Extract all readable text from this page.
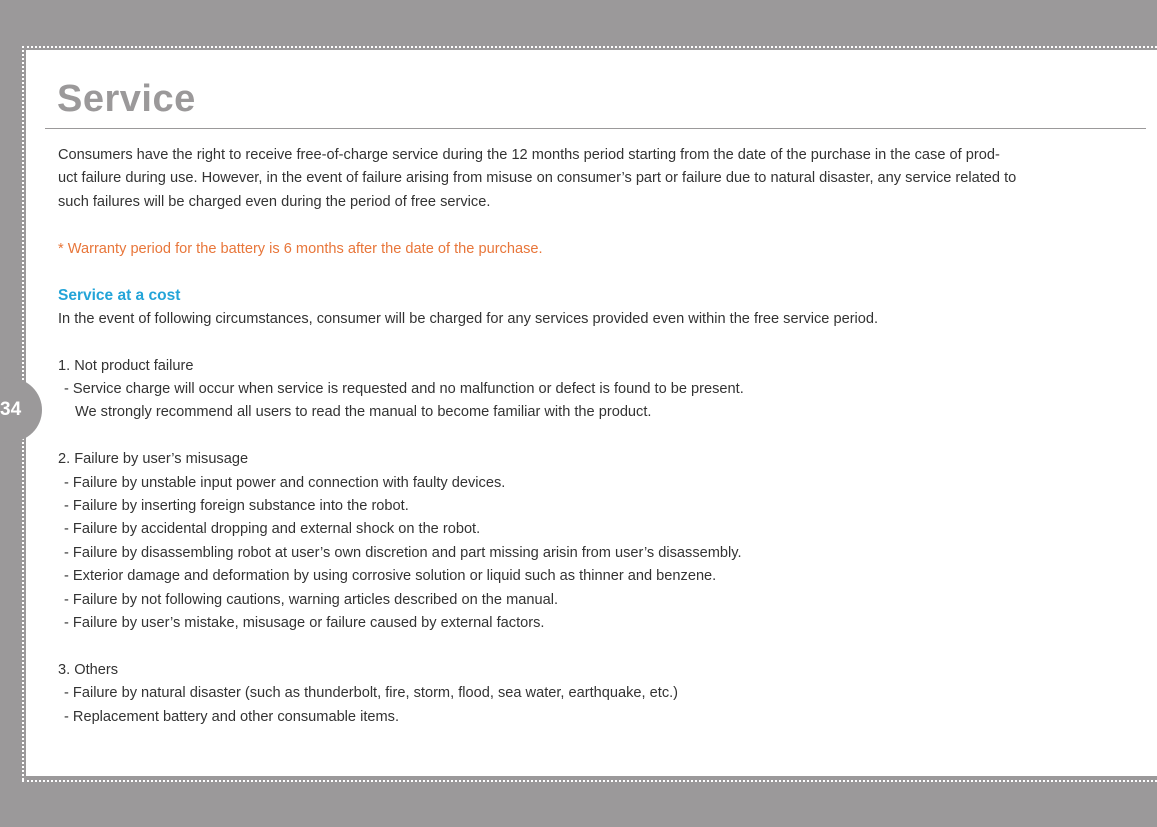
34
Service

Consumers have the right to receive free-of-charge service during the 12 months period starting from the date of the purchase in the case of prod-

uct failure during use. However, in the event of failure arising from misuse on consumer’s part or failure due to natural disaster, any service related to

such failures will be charged even during the period of free service.

* Warranty period for the battery is 6 months after the date of the purchase.

Service at a cost

In the event of following circumstances, consumer will be charged for any services provided even within the free service period.

1. Not product failure

- Service charge will occur when service is requested and no malfunction or defect is found to be present.

We strongly recommend all users to read the manual to become familiar with the product.

2. Failure by user’s misusage

- Failure by unstable input power and connection with faulty devices.

- Failure by inserting foreign substance into the robot.

- Failure by accidental dropping and external shock on the robot.

- Failure by disassembling robot at user’s own discretion and part missing arisin from user’s disassembly.

- Exterior damage and deformation by using corrosive solution or liquid such as thinner and benzene.

- Failure by not following cautions, warning articles described on the manual.

- Failure by user’s mistake, misusage or failure caused by external factors.

3. Others

- Failure by natural disaster (such as thunderbolt, fire, storm, flood, sea water, earthquake, etc.)

- Replacement battery and other consumable items.
